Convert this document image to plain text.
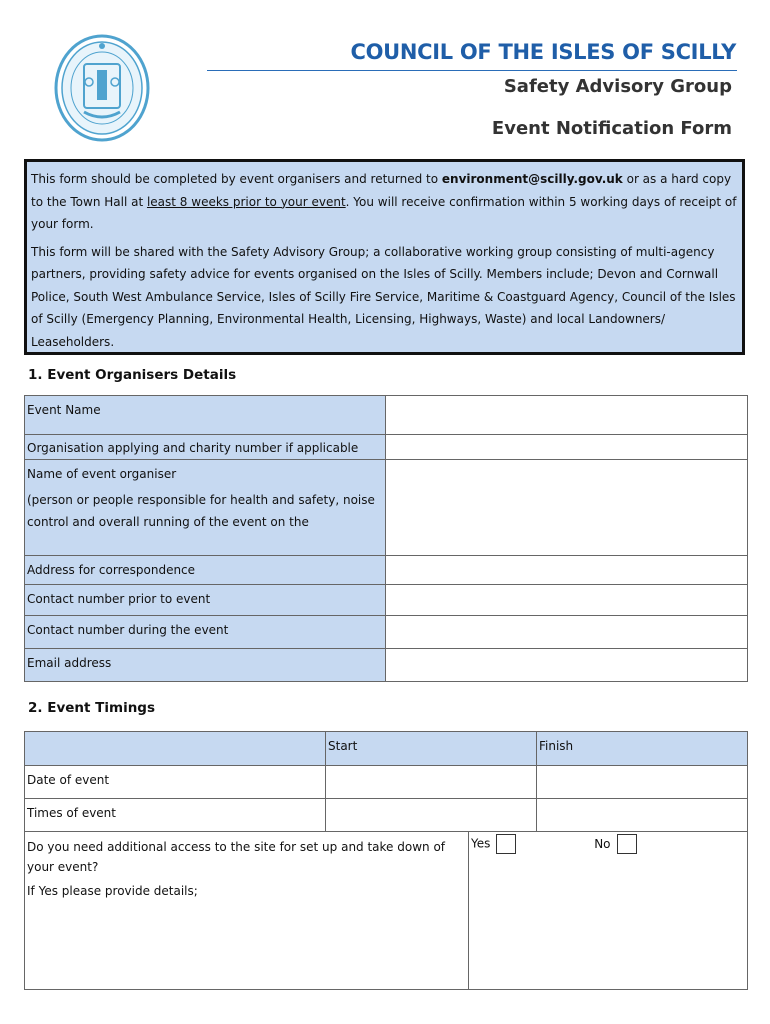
COUNCIL OF THE ISLES OF SCILLY
Safety Advisory Group
Event Notification Form

This form should be completed by event organisers and returned to environment@scilly.gov.uk or as a hard copy to the Town Hall at least 8 weeks prior to your event. You will receive confirmation within 5 working days of receipt of your form.

This form will be shared with the Safety Advisory Group; a collaborative working group consisting of multi-agency partners, providing safety advice for events organised on the Isles of Scilly. Members include; Devon and Cornwall Police, South West Ambulance Service, Isles of Scilly Fire Service, Maritime & Coastguard Agency, Council of the Isles of Scilly (Emergency Planning, Environmental Health, Licensing, Highways, Waste) and local Landowners/ Leaseholders.

1. Event Organisers Details
Event Name	
Organisation applying and charity number if applicable	

Name of event organiser

(person or people responsible for health and safety, noise control and overall running of the event on the	

Address for correspondence	
Contact number prior to event	
Contact number during the event	
Email address	
2. Event Timings
	Start	Finish
Date of event		
Times of event		

Do you need additional access to the site for set up and take down of your event?

If Yes please provide details;

	Yes	No
